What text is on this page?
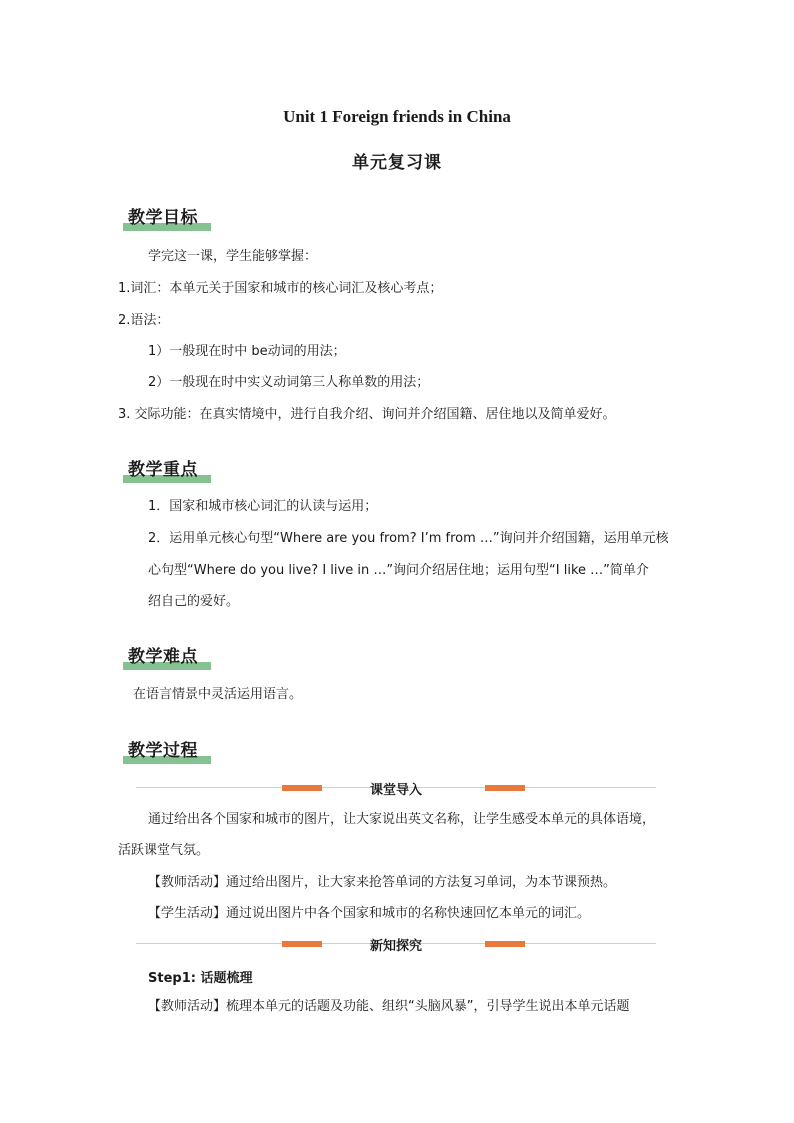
Unit 1 Foreign friends in China
单元复习课
教学目标
学完这一课，学生能够掌握：
1.词汇：本单元关于国家和城市的核心词汇及核心考点；
2.语法：
1）一般现在时中 be动词的用法；
2）一般现在时中实义动词第三人称单数的用法；
3. 交际功能：在真实情境中，进行自我介绍、询问并介绍国籍、居住地以及简单爱好。
教学重点
1．国家和城市核心词汇的认读与运用；
2．运用单元核心句型“Where are you from? I’m from …”询问并介绍国籍，运用单元核
心句型“Where do you live? I live in …”询问介绍居住地；运用句型“I like …”简单介
绍自己的爱好。
教学难点
在语言情景中灵活运用语言。
教学过程
课堂导入
通过给出各个国家和城市的图片，让大家说出英文名称，让学生感受本单元的具体语境，
活跃课堂气氛。
【教师活动】通过给出图片，让大家来抢答单词的方法复习单词，为本节课预热。
【学生活动】通过说出图片中各个国家和城市的名称快速回忆本单元的词汇。
新知探究
Step1: 话题梳理
【教师活动】梳理本单元的话题及功能、组织“头脑风暴”，引导学生说出本单元话题
